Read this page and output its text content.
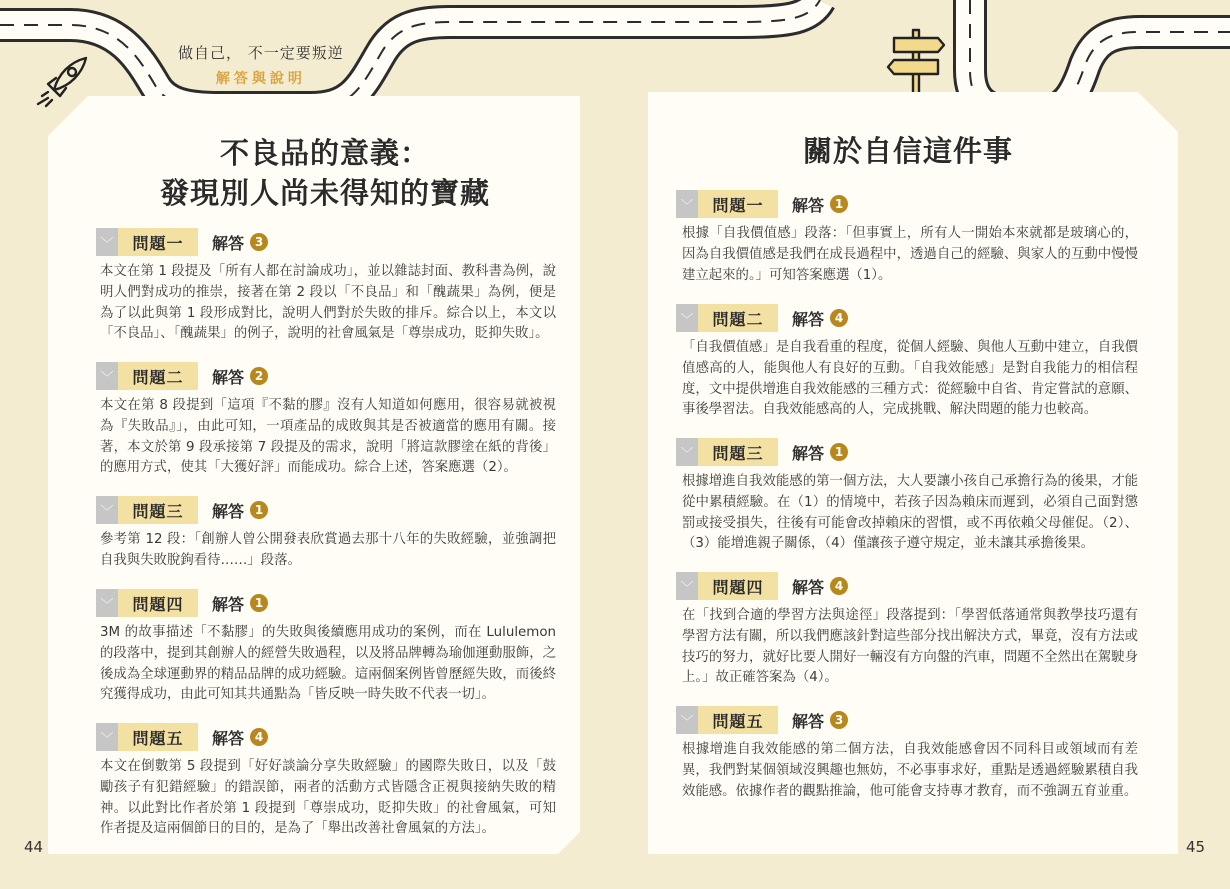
做自己， 不一定要叛逆
解答與說明
不良品的意義：
發現別人尚未得知的寶藏
﹀	問題一	解答 3

本文在第 1 段提及「所有人都在討論成功」，並以雜誌封面、教科書為例，說明人們對成功的推崇，接著在第 2 段以「不良品」和「醜蔬果」為例，便是為了以此與第 1 段形成對比，說明人們對於失敗的排斥。綜合以上，本文以「不良品」、「醜蔬果」的例子，說明的社會風氣是「尊崇成功，貶抑失敗」。

﹀	問題二	解答 2

本文在第 8 段提到「這項『不黏的膠』沒有人知道如何應用，很容易就被視為『失敗品』」，由此可知，一項產品的成敗與其是否被適當的應用有關。接著，本文於第 9 段承接第 7 段提及的需求，說明「將這款膠塗在紙的背後」的應用方式，使其「大獲好評」而能成功。綜合上述，答案應選（2）。

﹀	問題三	解答 1

參考第 12 段：「創辦人曾公開發表欣賞過去那十八年的失敗經驗，並強調把自我與失敗脫鉤看待……」段落。

﹀	問題四	解答 1

3M 的故事描述「不黏膠」的失敗與後續應用成功的案例，而在 Lululemon 的段落中，提到其創辦人的經營失敗過程，以及將品牌轉為瑜伽運動服飾，之後成為全球運動界的精品品牌的成功經驗。這兩個案例皆曾歷經失敗，而後終究獲得成功，由此可知其共通點為「皆反映一時失敗不代表一切」。

﹀	問題五	解答 4

本文在倒數第 5 段提到「好好談論分享失敗經驗」的國際失敗日，以及「鼓勵孩子有犯錯經驗」的錯誤節，兩者的活動方式皆隱含正視與接納失敗的精神。以此對比作者於第 1 段提到「尊崇成功，貶抑失敗」的社會風氣，可知作者提及這兩個節日的目的，是為了「舉出改善社會風氣的方法」。

44
關於自信這件事
﹀	問題一	解答 1

根據「自我價值感」段落：「但事實上，所有人一開始本來就都是玻璃心的，因為自我價值感是我們在成長過程中，透過自己的經驗、與家人的互動中慢慢建立起來的。」可知答案應選（1）。

﹀	問題二	解答 4

「自我價值感」是自我看重的程度，從個人經驗、與他人互動中建立，自我價值感高的人，能與他人有良好的互動。「自我效能感」是對自我能力的相信程度，文中提供增進自我效能感的三種方式：從經驗中自省、肯定嘗試的意願、事後學習法。自我效能感高的人，完成挑戰、解決問題的能力也較高。

﹀	問題三	解答 1

根據增進自我效能感的第一個方法，大人要讓小孩自己承擔行為的後果，才能從中累積經驗。在（1）的情境中，若孩子因為賴床而遲到，必須自己面對懲罰或接受損失，往後有可能會改掉賴床的習慣，或不再依賴父母催促。（2）、（3）能增進親子關係，（4）僅讓孩子遵守規定，並未讓其承擔後果。

﹀	問題四	解答 4

在「找到合適的學習方法與途徑」段落提到：「學習低落通常與教學技巧還有學習方法有關，所以我們應該針對這些部分找出解決方式，畢竟，沒有方法或技巧的努力，就好比要人開好一輛沒有方向盤的汽車，問題不全然出在駕駛身上。」故正確答案為（4）。

﹀	問題五	解答 3

根據增進自我效能感的第二個方法，自我效能感會因不同科目或領域而有差異，我們對某個領域沒興趣也無妨，不必事事求好，重點是透過經驗累積自我效能感。依據作者的觀點推論，他可能會支持專才教育，而不強調五育並重。

45
